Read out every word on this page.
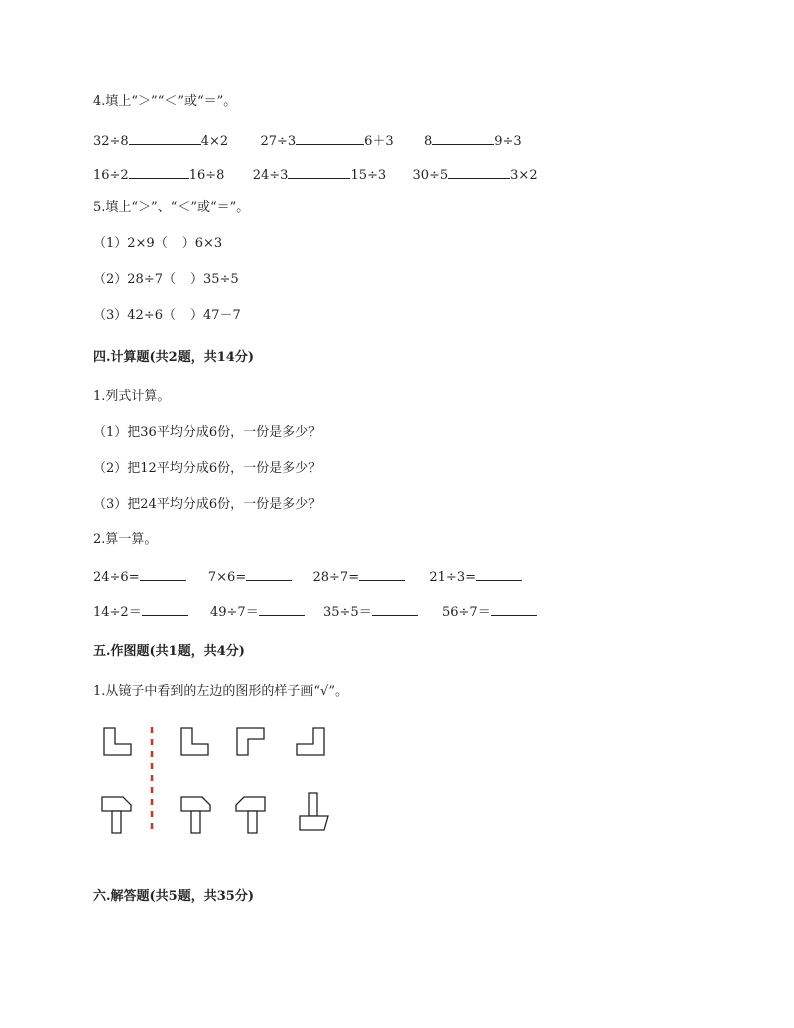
4.填上“＞”“＜”或“＝”。
32÷8	4×2 27÷3	6＋3 8	9÷3
16÷2	16÷8 24÷3	15÷3 30÷5	3×2
5.填上“＞”、“＜”或“＝”。
（1）2×9（ ）6×3
（2）28÷7（ ）35÷5
（3）42÷6（ ）47－7
四.计算题(共2题，共14分)
1.列式计算。
（1）把36平均分成6份，一份是多少？
（2）把12平均分成6份，一份是多少？
（3）把24平均分成6份，一份是多少？
2.算一算。
24÷6=	7×6=	28÷7=	21÷3=
14÷2＝	49÷7＝	35÷5＝	56÷7＝
五.作图题(共1题，共4分)
1.从镜子中看到的左边的图形的样子画“√”。
六.解答题(共5题，共35分)
